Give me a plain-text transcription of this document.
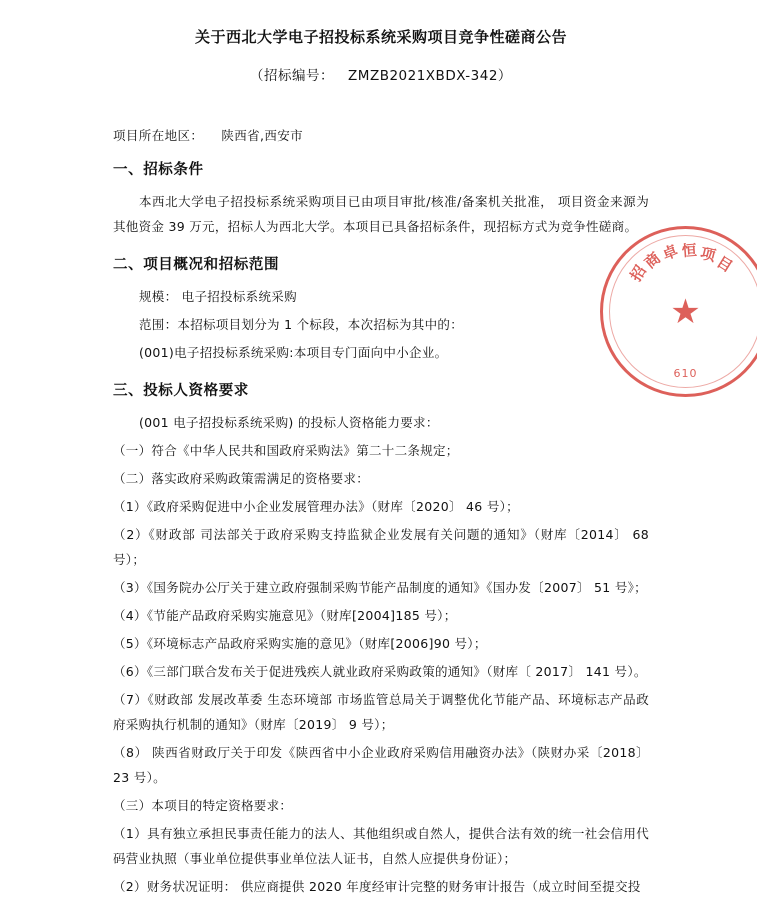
招
商
卓 恒 项
目
★
610
关于西北大学电子招投标系统采购项目竞争性磋商公告
（招标编号： ZMZB2021XBDX-342）
项目所在地区： 陕西省,西安市
一、招标条件

本西北大学电子招投标系统采购项目已由项目审批/核准/备案机关批准， 项目资金来源为其他资金 39 万元，招标人为西北大学。本项目已具备招标条件，现招标方式为竞争性磋商。

二、项目概况和招标范围

规模： 电子招投标系统采购

范围：本招标项目划分为 1 个标段，本次招标为其中的：

(001)电子招投标系统采购:本项目专门面向中小企业。

三、投标人资格要求

(001 电子招投标系统采购) 的投标人资格能力要求：

（一）符合《中华人民共和国政府采购法》第二十二条规定；

（二）落实政府采购政策需满足的资格要求：

（1）《政府采购促进中小企业发展管理办法》（财库〔2020〕 46 号）；

（2）《财政部 司法部关于政府采购支持监狱企业发展有关问题的通知》（财库〔2014〕 68 号）；

（3）《国务院办公厅关于建立政府强制采购节能产品制度的通知》《国办发〔2007〕 51 号》；

（4）《节能产品政府采购实施意见》（财库[2004]185 号）；

（5）《环境标志产品政府采购实施的意见》（财库[2006]90 号）；

（6）《三部门联合发布关于促进残疾人就业政府采购政策的通知》（财库〔 2017〕 141 号）。

（7）《财政部 发展改革委 生态环境部 市场监管总局关于调整优化节能产品、环境标志产品政府采购执行机制的通知》（财库〔2019〕 9 号）；

（8） 陕西省财政厅关于印发《陕西省中小企业政府采购信用融资办法》（陕财办采〔2018〕 23 号）。

（三）本项目的特定资格要求：

（1）具有独立承担民事责任能力的法人、其他组织或自然人，提供合法有效的统一社会信用代码营业执照（事业单位提供事业单位法人证书，自然人应提供身份证）；

（2）财务状况证明： 供应商提供 2020 年度经审计完整的财务审计报告（成立时间至提交投
